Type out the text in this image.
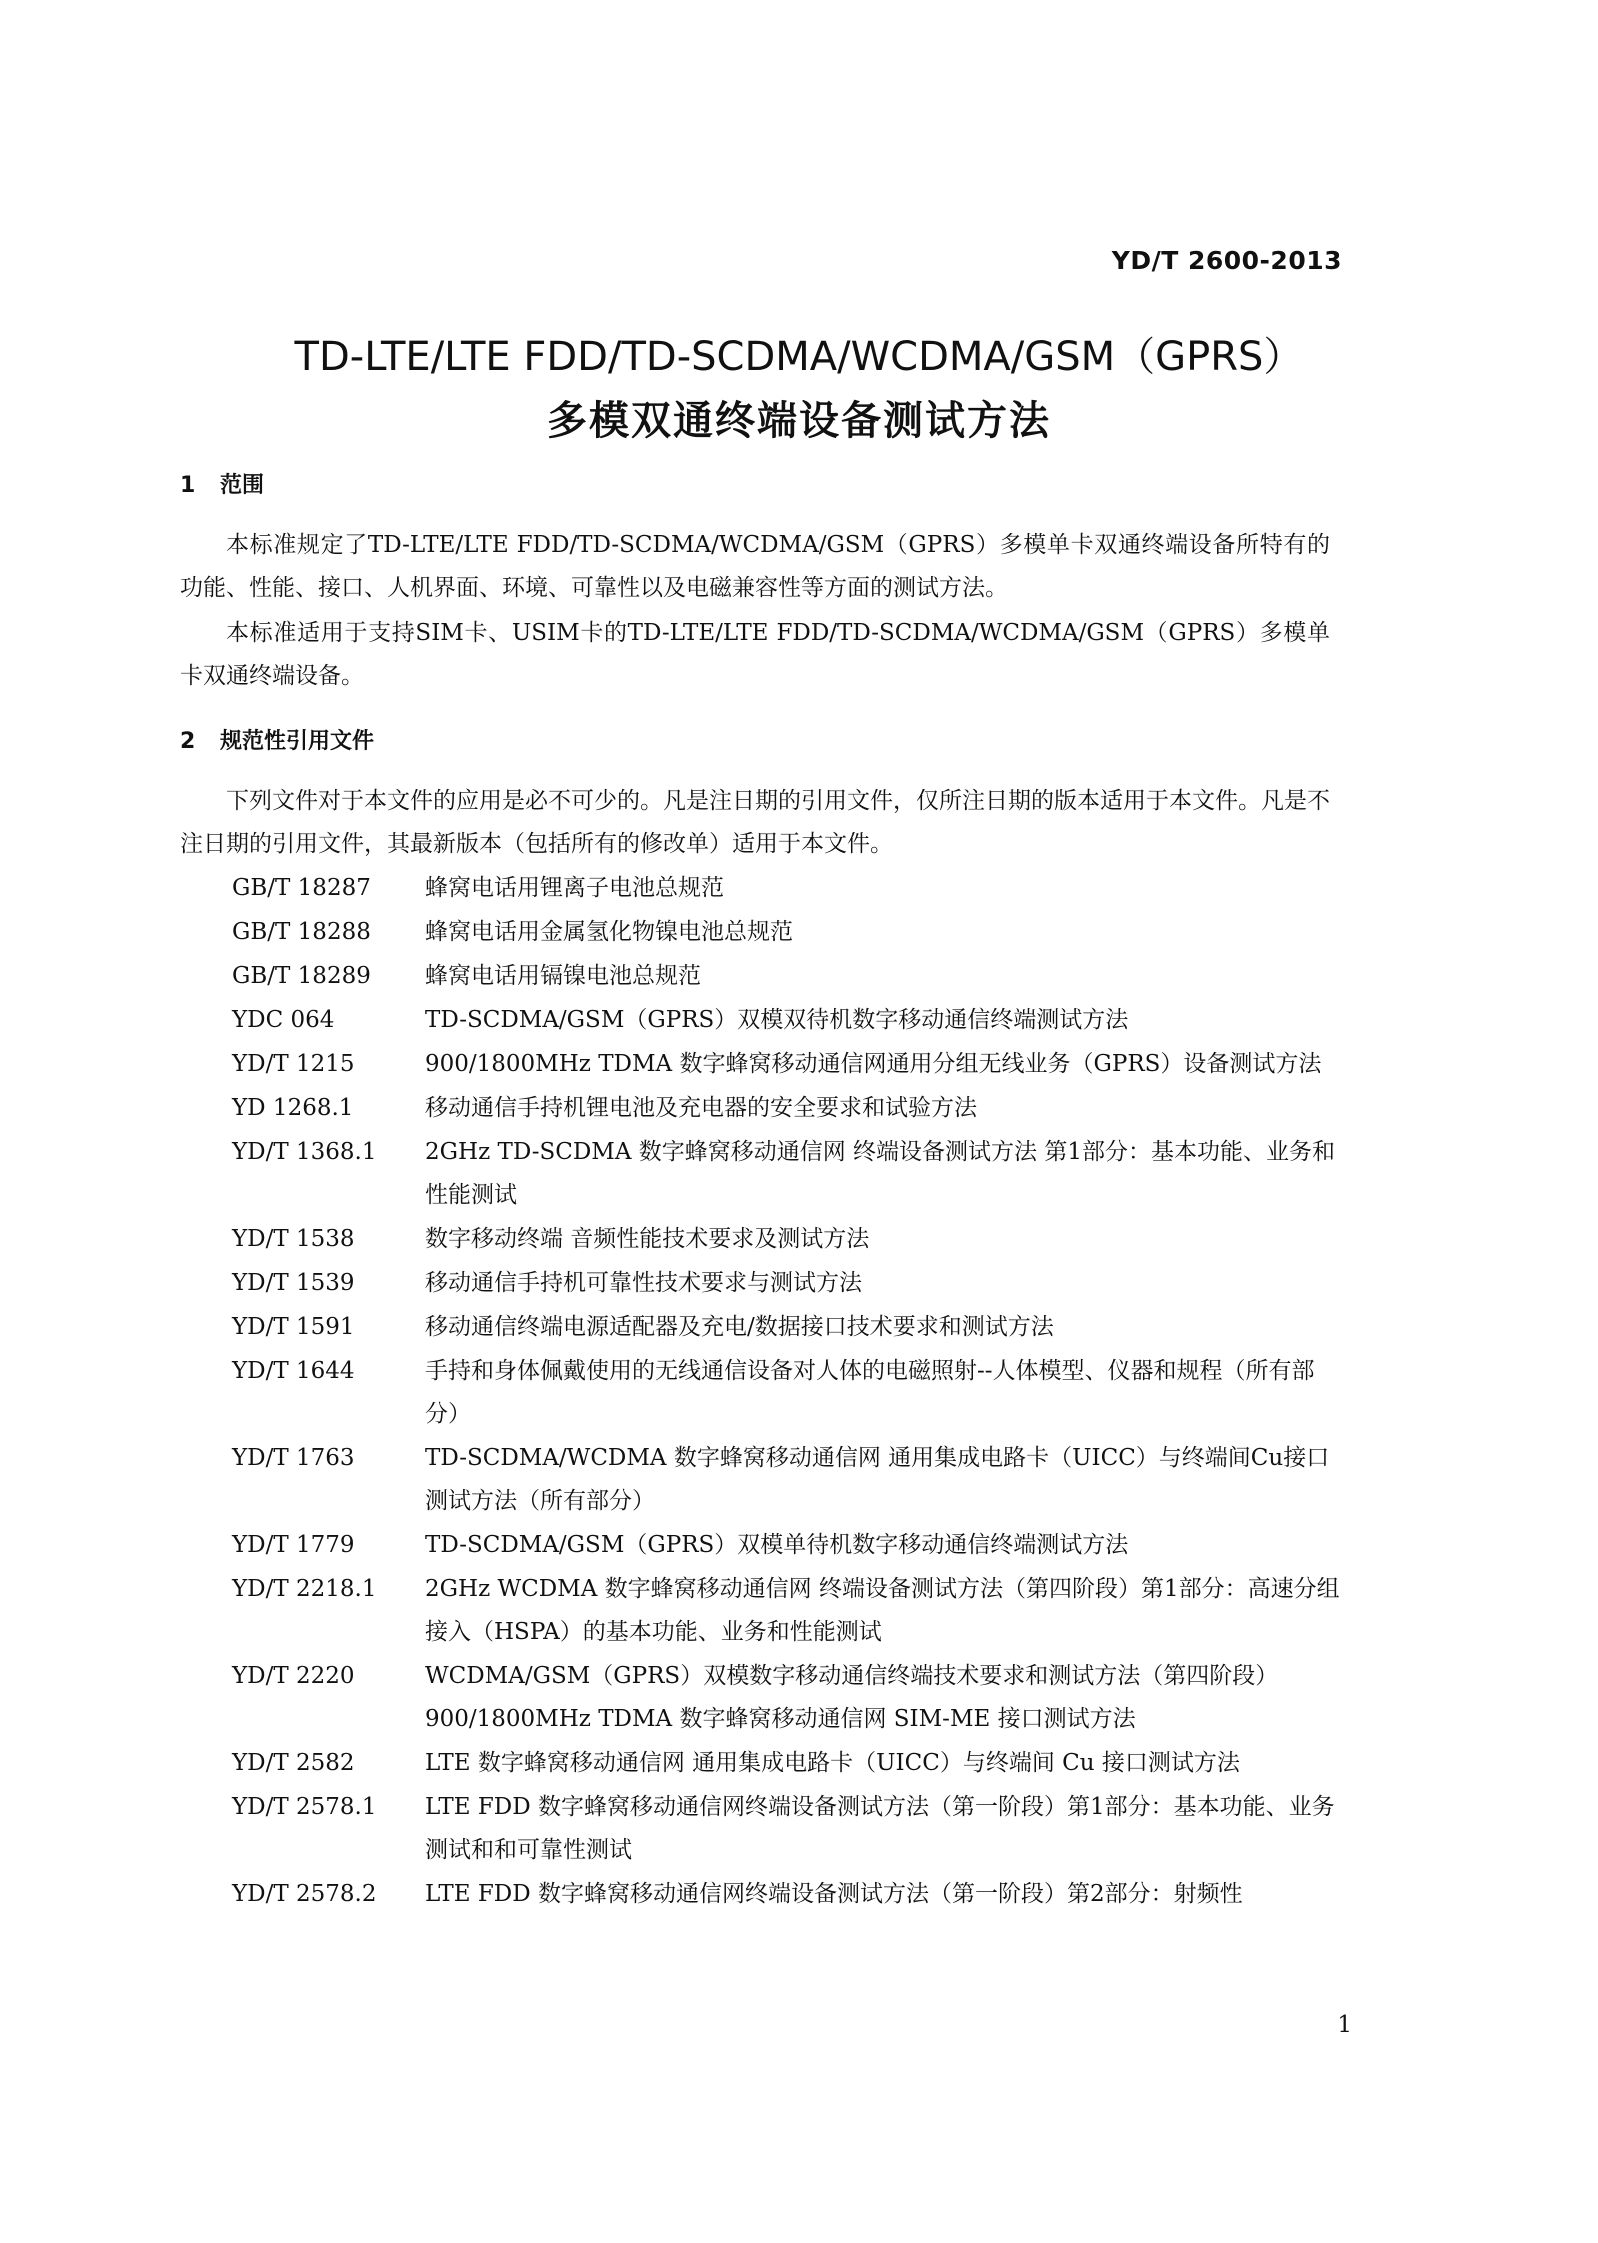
YD/T 2600-2013
TD-LTE/LTE FDD/TD-SCDMA/WCDMA/GSM（GPRS）
多模双通终端设备测试方法
1 范围
本标准规定了TD-LTE/LTE FDD/TD-SCDMA/WCDMA/GSM（GPRS）多模单卡双通终端设备所特有的功能、性能、接口、人机界面、环境、可靠性以及电磁兼容性等方面的测试方法。
本标准适用于支持SIM卡、USIM卡的TD-LTE/LTE FDD/TD-SCDMA/WCDMA/GSM（GPRS）多模单卡双通终端设备。
2 规范性引用文件
下列文件对于本文件的应用是必不可少的。凡是注日期的引用文件，仅所注日期的版本适用于本文件。凡是不注日期的引用文件，其最新版本（包括所有的修改单）适用于本文件。
GB/T 18287	蜂窝电话用锂离子电池总规范
GB/T 18288	蜂窝电话用金属氢化物镍电池总规范
GB/T 18289	蜂窝电话用镉镍电池总规范
YDC 064	TD-SCDMA/GSM（GPRS）双模双待机数字移动通信终端测试方法
YD/T 1215	900/1800MHz TDMA 数字蜂窝移动通信网通用分组无线业务（GPRS）设备测试方法
YD 1268.1	移动通信手持机锂电池及充电器的安全要求和试验方法
YD/T 1368.1	2GHz TD-SCDMA 数字蜂窝移动通信网 终端设备测试方法 第1部分：基本功能、业务和性能测试
YD/T 1538	数字移动终端 音频性能技术要求及测试方法
YD/T 1539	移动通信手持机可靠性技术要求与测试方法
YD/T 1591	移动通信终端电源适配器及充电/数据接口技术要求和测试方法
YD/T 1644	手持和身体佩戴使用的无线通信设备对人体的电磁照射--人体模型、仪器和规程（所有部分）
YD/T 1763	TD-SCDMA/WCDMA 数字蜂窝移动通信网 通用集成电路卡（UICC）与终端间Cu接口测试方法（所有部分）
YD/T 1779	TD-SCDMA/GSM（GPRS）双模单待机数字移动通信终端测试方法
YD/T 2218.1	2GHz WCDMA 数字蜂窝移动通信网 终端设备测试方法（第四阶段）第1部分：高速分组接入（HSPA）的基本功能、业务和性能测试
YD/T 2220	WCDMA/GSM（GPRS）双模数字移动通信终端技术要求和测试方法（第四阶段）900/1800MHz TDMA 数字蜂窝移动通信网 SIM-ME 接口测试方法
YD/T 2582	LTE 数字蜂窝移动通信网 通用集成电路卡（UICC）与终端间 Cu 接口测试方法
YD/T 2578.1	LTE FDD 数字蜂窝移动通信网终端设备测试方法（第一阶段）第1部分：基本功能、业务测试和和可靠性测试
YD/T 2578.2	LTE FDD 数字蜂窝移动通信网终端设备测试方法（第一阶段）第2部分：射频性
1
